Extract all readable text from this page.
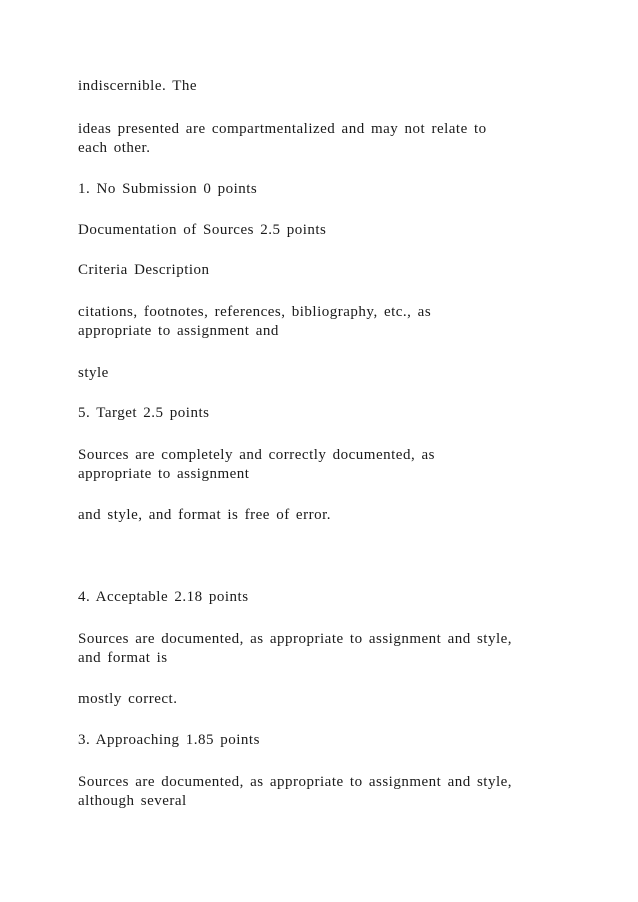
indiscernible. The

ideas presented are compartmentalized and may not relate to
each other.

1. No Submission 0 points

Documentation of Sources 2.5 points

Criteria Description

citations, footnotes, references, bibliography, etc., as
appropriate to assignment and

style

5. Target 2.5 points

Sources are completely and correctly documented, as
appropriate to assignment

and style, and format is free of error.

4. Acceptable 2.18 points

Sources are documented, as appropriate to assignment and style,
and format is

mostly correct.

3. Approaching 1.85 points

Sources are documented, as appropriate to assignment and style,
although several
